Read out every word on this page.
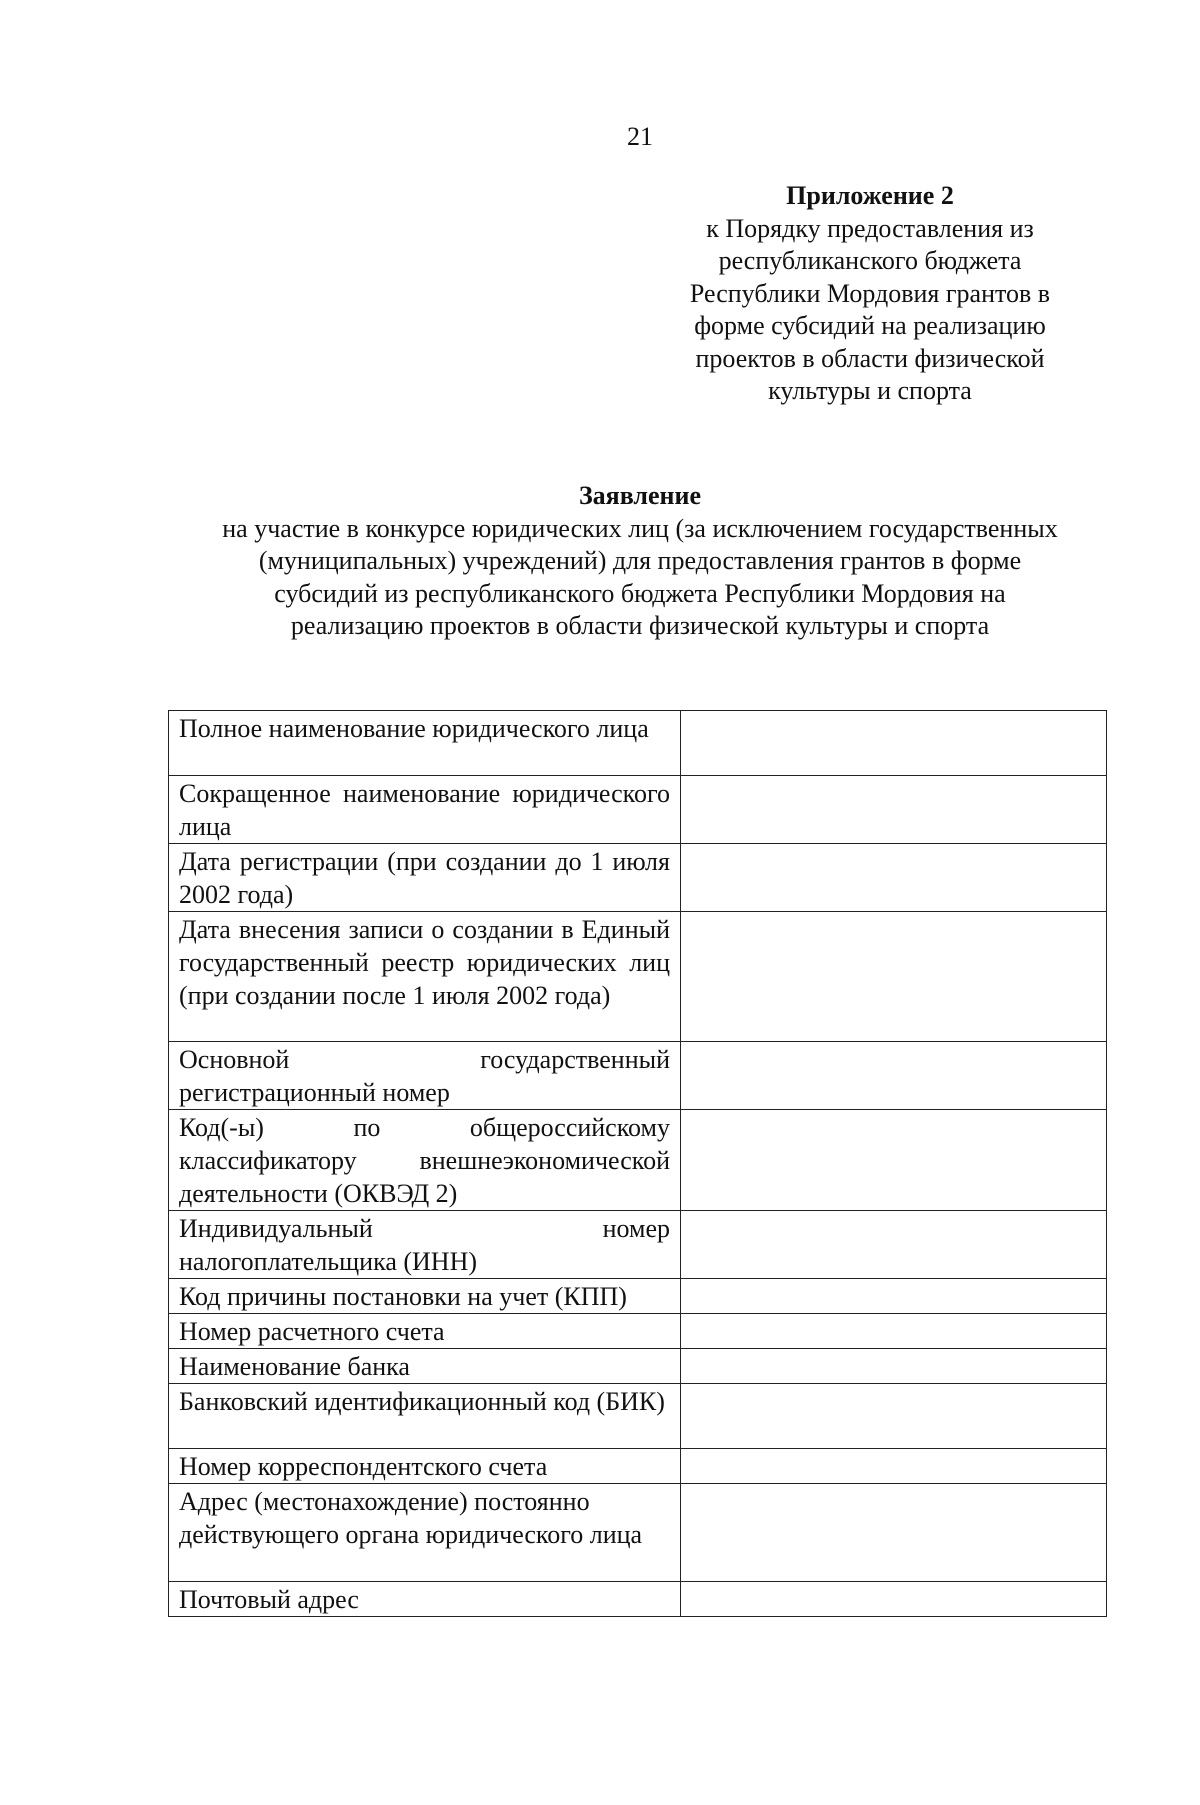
21
Приложение 2
к Порядку предоставления из
республиканского бюджета
Республики Мордовия грантов в
форме субсидий на реализацию
проектов в области физической
культуры и спорта
Заявление
на участие в конкурсе юридических лиц (за исключением государственных
(муниципальных) учреждений) для предоставления грантов в форме
субсидий из республиканского бюджета Республики Мордовия на
реализацию проектов в области физической культуры и спорта
Полное наименование юридического лица	
Сокращенное наименование юридического лица	
Дата регистрации (при создании до 1 июля 2002 года)	
Дата внесения записи о создании в Единый государственный реестр юридических лиц (при создании после 1 июля 2002 года)	
Основной государственный регистрационный номер	
Код(-ы) по общероссийскому классификатору внешнеэкономической деятельности (ОКВЭД 2)	
Индивидуальный номер налогоплательщика (ИНН)	
Код причины постановки на учет (КПП)	
Номер расчетного счета	
Наименование банка	
Банковский идентификационный код (БИК)	
Номер корреспондентского счета	
Адрес (местонахождение) постоянно действующего органа юридического лица	
Почтовый адрес	
